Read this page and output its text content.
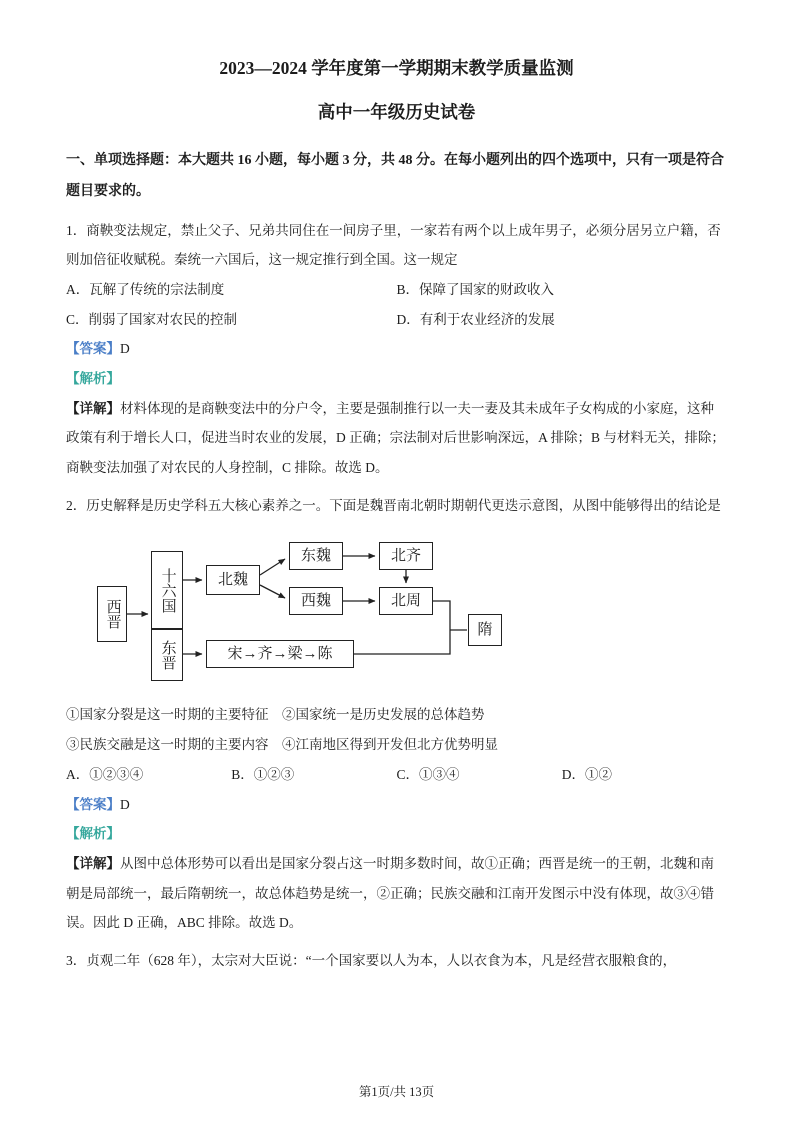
2023—2024 学年度第一学期期末教学质量监测
高中一年级历史试卷

一、单项选择题：本大题共 16 小题，每小题 3 分，共 48 分。在每小题列出的四个选项中，只有一项是符合题目要求的。

1．商鞅变法规定，禁止父子、兄弟共同住在一间房子里，一家若有两个以上成年男子，必须分居另立户籍，否则加倍征收赋税。秦统一六国后，这一规定推行到全国。这一规定

A．瓦解了传统的宗法制度	B．保障了国家的财政收入
C．削弱了国家对农民的控制	D．有利于农业经济的发展

【答案】D

【解析】

【详解】材料体现的是商鞅变法中的分户令，主要是强制推行以一夫一妻及其未成年子女构成的小家庭，这种政策有利于增长人口，促进当时农业的发展，D 正确；宗法制对后世影响深远，A 排除；B 与材料无关，排除；商鞅变法加强了对农民的人身控制，C 排除。故选 D。

2．历史解释是历史学科五大核心素养之一。下面是魏晋南北朝时期朝代更迭示意图，从图中能够得出的结论是

西晋
十六国
东晋
北魏
东魏	北齐
西魏	北周
宋→齐→梁→陈
隋

①国家分裂是这一时期的主要特征　②国家统一是历史发展的总体趋势

③民族交融是这一时期的主要内容　④江南地区得到开发但北方优势明显

A．①②③④	B．①②③	C．①③④	D．①②

【答案】D

【解析】

【详解】从图中总体形势可以看出是国家分裂占这一时期多数时间，故①正确；西晋是统一的王朝，北魏和南朝是局部统一，最后隋朝统一，故总体趋势是统一，②正确；民族交融和江南开发图示中没有体现，故③④错误。因此 D 正确，ABC 排除。故选 D。

3．贞观二年（628 年），太宗对大臣说：“一个国家要以人为本，人以衣食为本，凡是经营衣服粮食的，

第1页/共 13页
